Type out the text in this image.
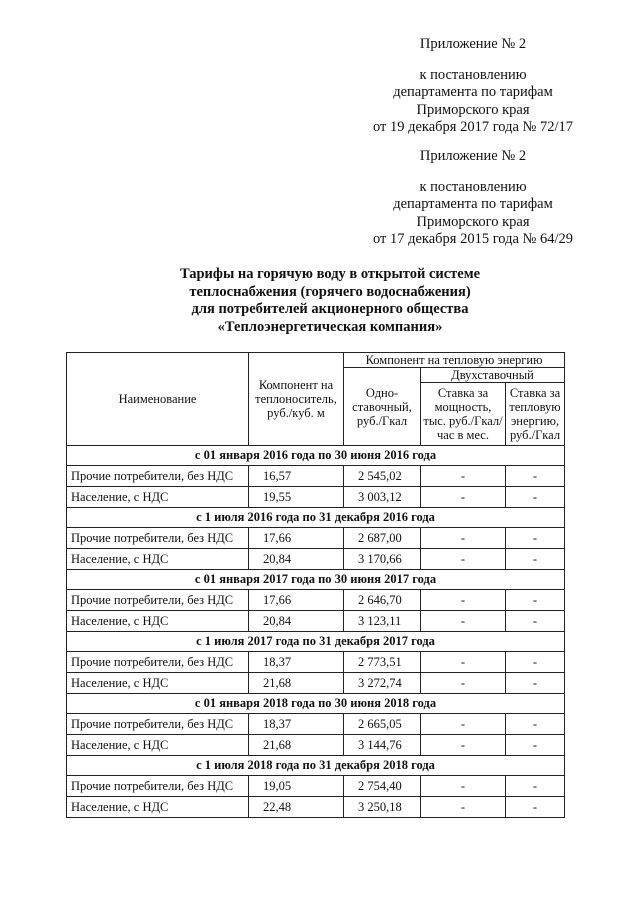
Приложение № 2
к постановлению
департамента по тарифам
Приморского края
от 19 декабря 2017 года № 72/17
Приложение № 2
к постановлению
департамента по тарифам
Приморского края
от 17 декабря 2015 года № 64/29
Тарифы на горячую воду в открытой системе
теплоснабжения (горячего водоснабжения)
для потребителей акционерного общества
«Теплоэнергетическая компания»
Наименование	Компонент на теплоноситель, руб./куб. м	Компонент на тепловую энергию		
		Одно-ставочный, руб./Гкал	Двухставочный	
			Ставка за мощность, тыс. руб./Гкал/час в мес.	Ставка за тепловую энергию, руб./Гкал
с 01 января 2016 года по 30 июня 2016 года				
Прочие потребители, без НДС	16,57	2 545,02	-	-
Население, с НДС	19,55	3 003,12	-	-
с 1 июля 2016 года по 31 декабря 2016 года				
Прочие потребители, без НДС	17,66	2 687,00	-	-
Население, с НДС	20,84	3 170,66	-	-
с 01 января 2017 года по 30 июня 2017 года				
Прочие потребители, без НДС	17,66	2 646,70	-	-
Население, с НДС	20,84	3 123,11	-	-
с 1 июля 2017 года по 31 декабря 2017 года				
Прочие потребители, без НДС	18,37	2 773,51	-	-
Население, с НДС	21,68	3 272,74	-	-
с 01 января 2018 года по 30 июня 2018 года				
Прочие потребители, без НДС	18,37	2 665,05	-	-
Население, с НДС	21,68	3 144,76	-	-
с 1 июля 2018 года по 31 декабря 2018 года				
Прочие потребители, без НДС	19,05	2 754,40	-	-
Население, с НДС	22,48	3 250,18	-	-
